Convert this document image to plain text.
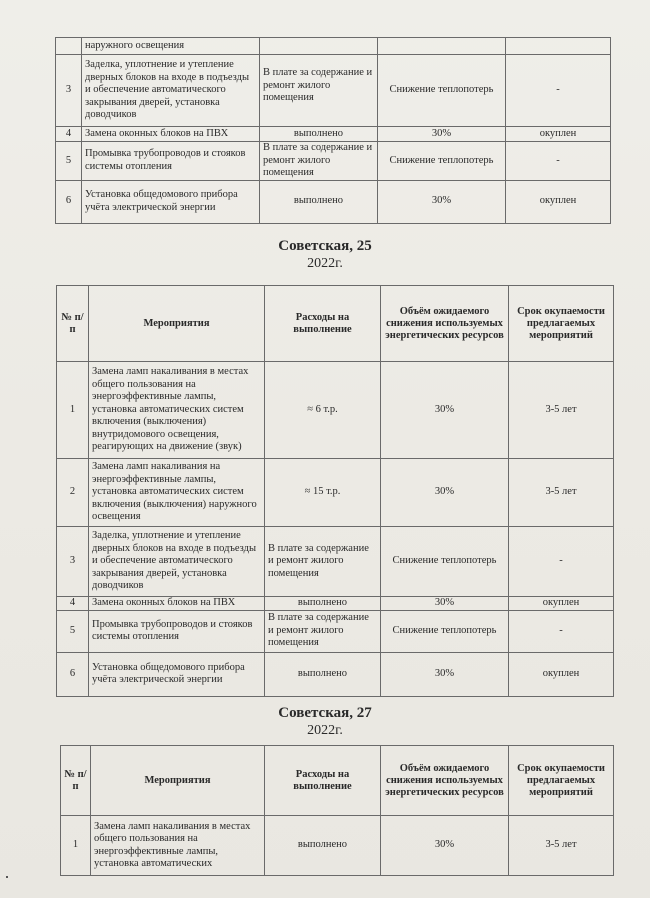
	наружного освещения			
3	Заделка, уплотнение и утепление дверных блоков на входе в подъезды и обеспечение автоматического закрывания дверей, установка доводчиков	В плате за содержание и ремонт жилого помещения	Снижение теплопотерь	-
4	Замена оконных блоков на ПВХ	выполнено	30%	окуплен
5	Промывка трубопроводов и стояков системы отопления	В плате за содержание и ремонт жилого помещения	Снижение теплопотерь	-
6	Установка общедомового прибора учёта электрической энергии	выполнено	30%	окуплен
Советская, 25
2022г.
№ п/п	Мероприятия	Расходы на выполнение	Объём ожидаемого снижения используемых энергетических ресурсов	Срок окупаемости предлагаемых мероприятий
1	Замена ламп накаливания в местах общего пользования на энергоэффективные лампы, установка автоматических систем включения (выключения) внутридомового освещения, реагирующих на движение (звук)	≈ 6 т.р.	30%	3-5 лет
2	Замена ламп накаливания на энергоэффективные лампы, установка автоматических систем включения (выключения) наружного освещения	≈ 15 т.р.	30%	3-5 лет
3	Заделка, уплотнение и утепление дверных блоков на входе в подъезды и обеспечение автоматического закрывания дверей, установка доводчиков	В плате за содержание и ремонт жилого помещения	Снижение теплопотерь	-
4	Замена оконных блоков на ПВХ	выполнено	30%	окуплен
5	Промывка трубопроводов и стояков системы отопления	В плате за содержание и ремонт жилого помещения	Снижение теплопотерь	-
6	Установка общедомового прибора учёта электрической энергии	выполнено	30%	окуплен
Советская, 27
2022г.
№ п/п	Мероприятия	Расходы на выполнение	Объём ожидаемого снижения используемых энергетических ресурсов	Срок окупаемости предлагаемых мероприятий
1	Замена ламп накаливания в местах общего пользования на энергоэффективные лампы, установка автоматических	выполнено	30%	3-5 лет
